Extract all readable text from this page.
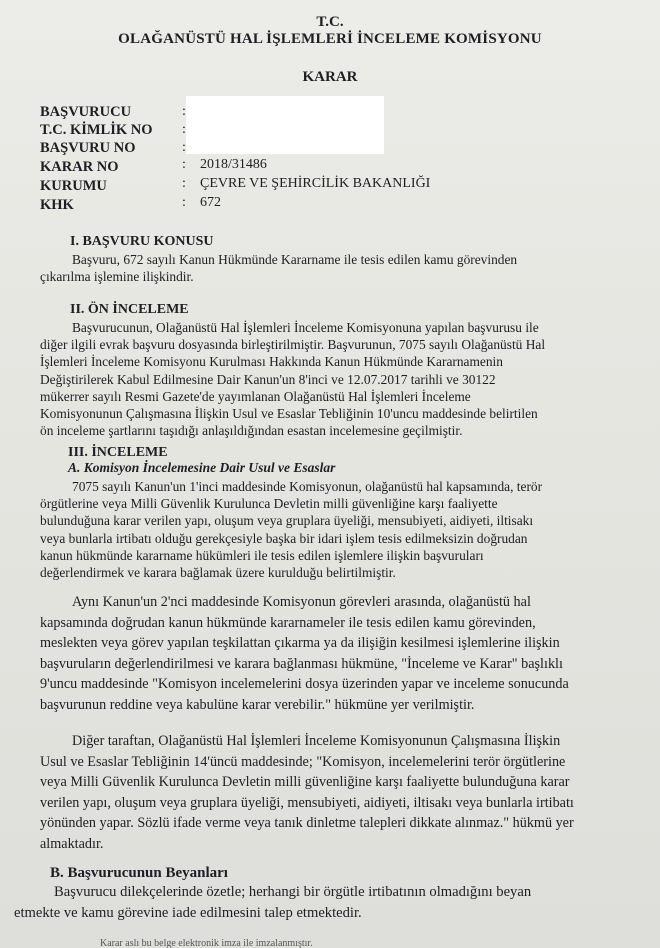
T.C.
OLAĞANÜSTÜ HAL İŞLEMLERİ İNCELEME KOMİSYONU
KARAR
BAŞVURUCU	:
T.C. KİMLİK NO :
BAŞVURU NO	:
KARAR NO	: 2018/31486
KURUMU	: ÇEVRE VE ŞEHİRCİLİK BAKANLIĞI
KHK	: 672
I. BAŞVURU KONUSU
Başvuru, 672 sayılı Kanun Hükmünde Kararname ile tesis edilen kamu görevinden
çıkarılma işlemine ilişkindir.
II. ÖN İNCELEME
Başvurucunun, Olağanüstü Hal İşlemleri İnceleme Komisyonuna yapılan başvurusu ile
diğer ilgili evrak başvuru dosyasında birleştirilmiştir. Başvurunun, 7075 sayılı Olağanüstü Hal
İşlemleri İnceleme Komisyonu Kurulması Hakkında Kanun Hükmünde Kararnamenin
Değiştirilerek Kabul Edilmesine Dair Kanun'un 8'inci ve 12.07.2017 tarihli ve 30122
mükerrer sayılı Resmi Gazete'de yayımlanan Olağanüstü Hal İşlemleri İnceleme
Komisyonunun Çalışmasına İlişkin Usul ve Esaslar Tebliğinin 10'uncu maddesinde belirtilen
ön inceleme şartlarını taşıdığı anlaşıldığından esastan incelemesine geçilmiştir.
III. İNCELEME
A. Komisyon İncelemesine Dair Usul ve Esaslar
7075 sayılı Kanun'un 1'inci maddesinde Komisyonun, olağanüstü hal kapsamında, terör
örgütlerine veya Milli Güvenlik Kurulunca Devletin milli güvenliğine karşı faaliyette
bulunduğuna karar verilen yapı, oluşum veya gruplara üyeliği, mensubiyeti, aidiyeti, iltisakı
veya bunlarla irtibatı olduğu gerekçesiyle başka bir idari işlem tesis edilmeksizin doğrudan
kanun hükmünde kararname hükümleri ile tesis edilen işlemlere ilişkin başvuruları
değerlendirmek ve karara bağlamak üzere kurulduğu belirtilmiştir.
Aynı Kanun'un 2'nci maddesinde Komisyonun görevleri arasında, olağanüstü hal
kapsamında doğrudan kanun hükmünde kararnameler ile tesis edilen kamu görevinden,
meslekten veya görev yapılan teşkilattan çıkarma ya da ilişiğin kesilmesi işlemlerine ilişkin
başvuruların değerlendirilmesi ve karara bağlanması hükmüne, "İnceleme ve Karar" başlıklı
9'uncu maddesinde "Komisyon incelemelerini dosya üzerinden yapar ve inceleme sonucunda
başvurunun reddine veya kabulüne karar verebilir." hükmüne yer verilmiştir.
Diğer taraftan, Olağanüstü Hal İşlemleri İnceleme Komisyonunun Çalışmasına İlişkin
Usul ve Esaslar Tebliğinin 14'üncü maddesinde; "Komisyon, incelemelerini terör örgütlerine
veya Milli Güvenlik Kurulunca Devletin milli güvenliğine karşı faaliyette bulunduğuna karar
verilen yapı, oluşum veya gruplara üyeliği, mensubiyeti, aidiyeti, iltisakı veya bunlarla irtibatı
yönünden yapar. Sözlü ifade verme veya tanık dinletme talepleri dikkate alınmaz." hükmü yer
almaktadır.
B. Başvurucunun Beyanları
Başvurucu dilekçelerinde özetle; herhangi bir örgütle irtibatının olmadığını beyan
etmekte ve kamu görevine iade edilmesini talep etmektedir.
Karar aslı bu belge elektronik imza ile imzalanmıştır.
